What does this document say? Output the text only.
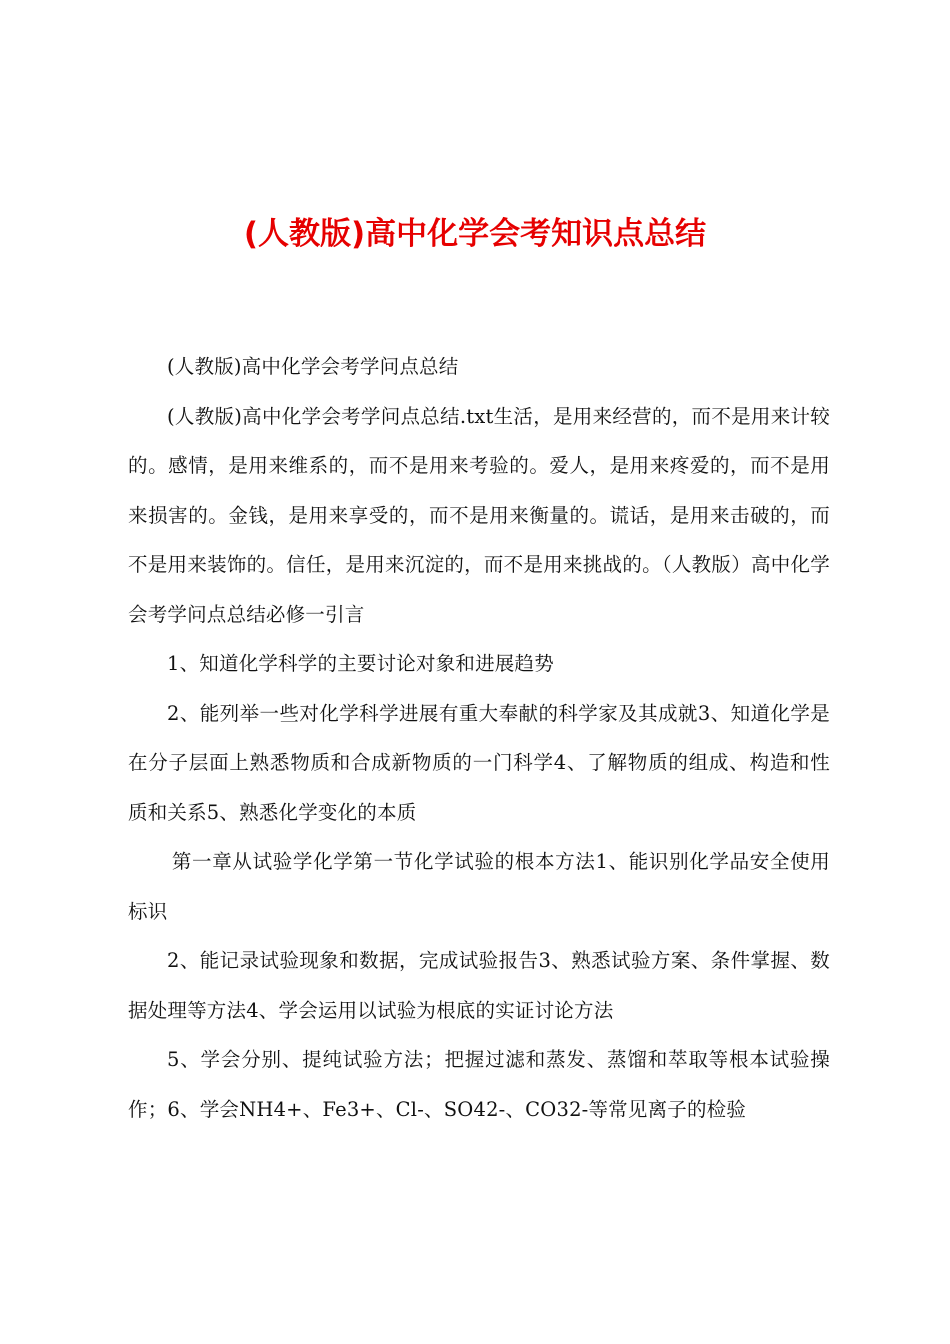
(人教版)高中化学会考知识点总结

(人教版)高中化学会考学问点总结

(人教版)高中化学会考学问点总结.txt生活，是用来经营的，而不是用来计较的。感情，是用来维系的，而不是用来考验的。爱人，是用来疼爱的，而不是用来损害的。金钱，是用来享受的，而不是用来衡量的。谎话，是用来击破的，而不是用来装饰的。信任，是用来沉淀的，而不是用来挑战的。（人教版）高中化学会考学问点总结必修一引言

1、知道化学科学的主要讨论对象和进展趋势

2、能列举一些对化学科学进展有重大奉献的科学家及其成就3、知道化学是在分子层面上熟悉物质和合成新物质的一门科学4、了解物质的组成、构造和性质和关系5、熟悉化学变化的本质

第一章从试验学化学第一节化学试验的根本方法1、能识别化学品安全使用标识

2、能记录试验现象和数据，完成试验报告3、熟悉试验方案、条件掌握、数据处理等方法4、学会运用以试验为根底的实证讨论方法

5、学会分别、提纯试验方法；把握过滤和蒸发、蒸馏和萃取等根本试验操作；6、学会NH4+、Fe3+、Cl-、SO42-、CO32-等常见离子的检验
